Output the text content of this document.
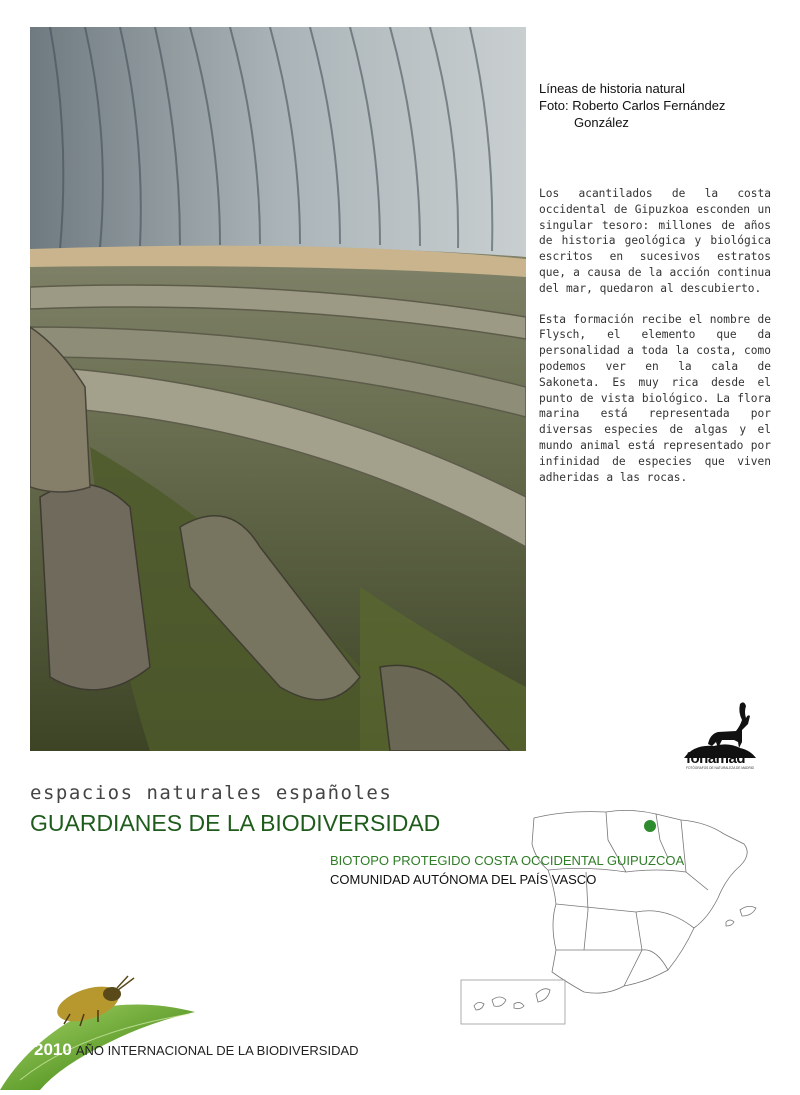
Líneas de historia natural
Foto: Roberto Carlos Fernández
González

Los acantilados de la costa occidental de Gipuzkoa esconden un singular tesoro: millones de años de historia geológica y biológica escritos en sucesivos estratos que, a causa de la acción continua del mar, quedaron al descubierto.

Esta formación recibe el nombre de Flysch, el elemento que da personalidad a toda la costa, como podemos ver en la cala de Sakoneta. Es muy rica desde el punto de vista biológico. La flora marina está representada por diversas especies de algas y el mundo animal está representado por infinidad de especies que viven adheridas a las rocas.

fonamad
FOTÓGRAFOS DE NATURALEZA DE MADRID
espacios naturales españoles
GUARDIANES DE LA BIODIVERSIDAD
BIOTOPO PROTEGIDO COSTA OCCIDENTAL GUIPUZCOA
COMUNIDAD AUTÓNOMA DEL PAÍS VASCO
2010 AÑO INTERNACIONAL DE LA BIODIVERSIDAD
